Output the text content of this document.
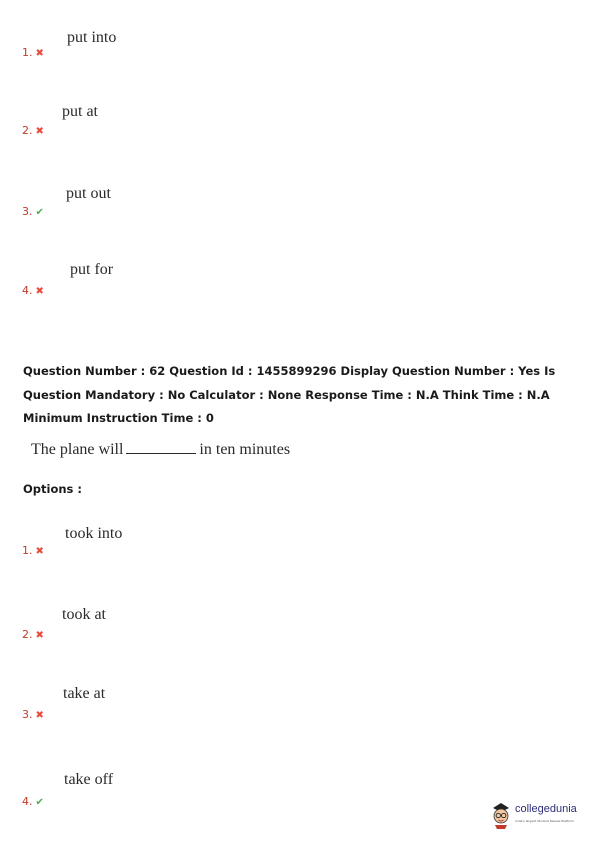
put into
1. ✖
put at
2. ✖
put out
3. ✔
put for
4. ✖
Question Number : 62 Question Id : 1455899296 Display Question Number : Yes Is Question Mandatory : No Calculator : None Response Time : N.A Think Time : N.A Minimum Instruction Time : 0
The plane will	in ten minutes
Options :
took into
1. ✖
took at
2. ✖
take at
3. ✖
take off
4. ✔
collegedunia
India's largest Student Review Platform
